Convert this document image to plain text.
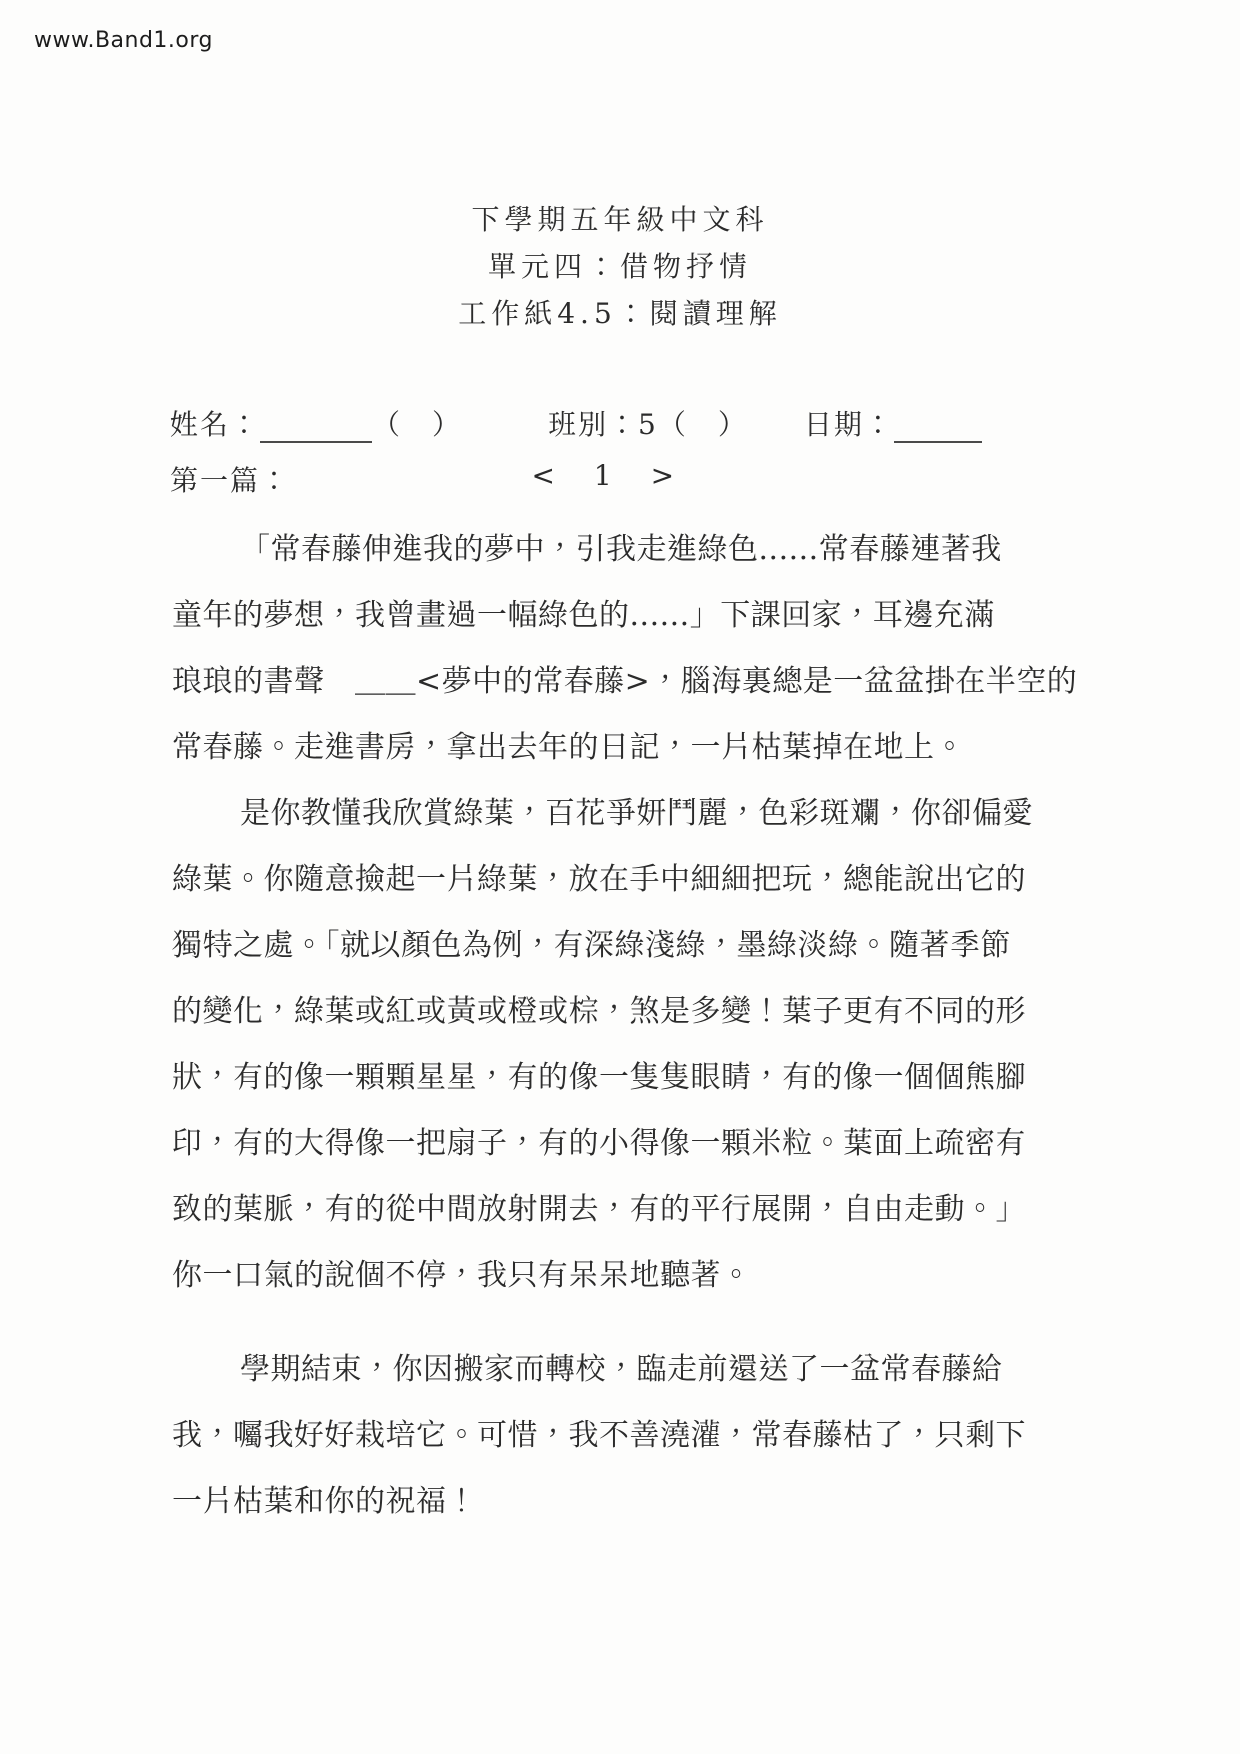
www.Band1.org
下學期五年級中文科
單元四：借物抒情
工作紙4.5：閱讀理解
姓名：	（　）	班別：5（　） 日期：
第一篇：	< 1 >
「常春藤伸進我的夢中，引我走進綠色......常春藤連著我
童年的夢想，我曾畫過一幅綠色的......」下課回家，耳邊充滿
琅琅的書聲　＿＿<夢中的常春藤>，腦海裏總是一盆盆掛在半空的
常春藤。走進書房，拿出去年的日記，一片枯葉掉在地上。
是你教懂我欣賞綠葉，百花爭妍鬥麗，色彩斑斕，你卻偏愛
綠葉。你隨意撿起一片綠葉，放在手中細細把玩，總能說出它的
獨特之處。「就以顏色為例，有深綠淺綠，墨綠淡綠。隨著季節
的變化，綠葉或紅或黃或橙或棕，煞是多變！葉子更有不同的形
狀，有的像一顆顆星星，有的像一隻隻眼睛，有的像一個個熊腳
印，有的大得像一把扇子，有的小得像一顆米粒。葉面上疏密有
致的葉脈，有的從中間放射開去，有的平行展開，自由走動。」
你一口氣的說個不停，我只有呆呆地聽著。
學期結束，你因搬家而轉校，臨走前還送了一盆常春藤給
我，囑我好好栽培它。可惜，我不善澆灌，常春藤枯了，只剩下
一片枯葉和你的祝福！
